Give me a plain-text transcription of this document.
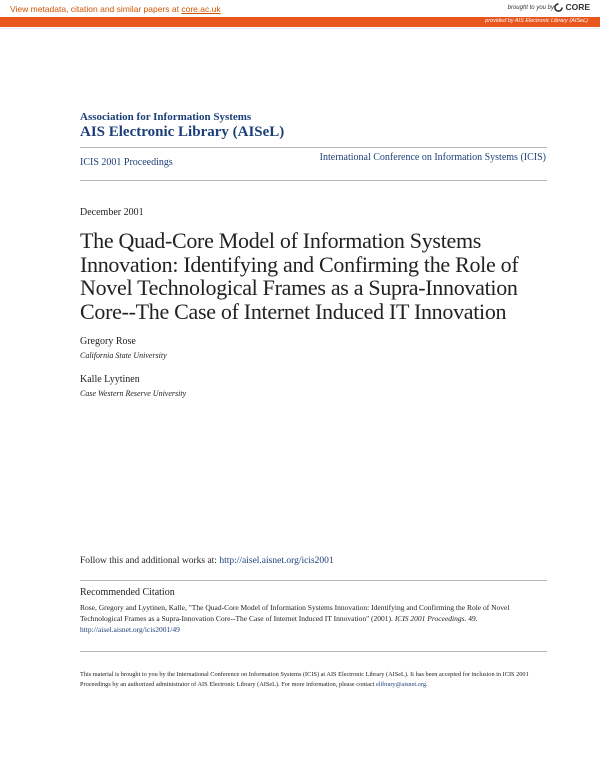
View metadata, citation and similar papers at core.ac.uk	brought to you by CORE
provided by AIS Electronic Library (AISeL)
Association for Information Systems
AIS Electronic Library (AISeL)
ICIS 2001 Proceedings	International Conference on Information Systems (ICIS)
December 2001
The Quad-Core Model of Information Systems Innovation: Identifying and Confirming the Role of Novel Technological Frames as a Supra-Innovation Core--The Case of Internet Induced IT Innovation
Gregory Rose
California State University
Kalle Lyytinen
Case Western Reserve University
Follow this and additional works at: http://aisel.aisnet.org/icis2001
Recommended Citation
Rose, Gregory and Lyytinen, Kalle, "The Quad-Core Model of Information Systems Innovation: Identifying and Confirming the Role of Novel Technological Frames as a Supra-Innovation Core--The Case of Internet Induced IT Innovation" (2001). ICIS 2001 Proceedings. 49.
http://aisel.aisnet.org/icis2001/49
This material is brought to you by the International Conference on Information Systems (ICIS) at AIS Electronic Library (AISeL). It has been accepted for inclusion in ICIS 2001 Proceedings by an authorized administrator of AIS Electronic Library (AISeL). For more information, please contact elibrary@aisnet.org.
